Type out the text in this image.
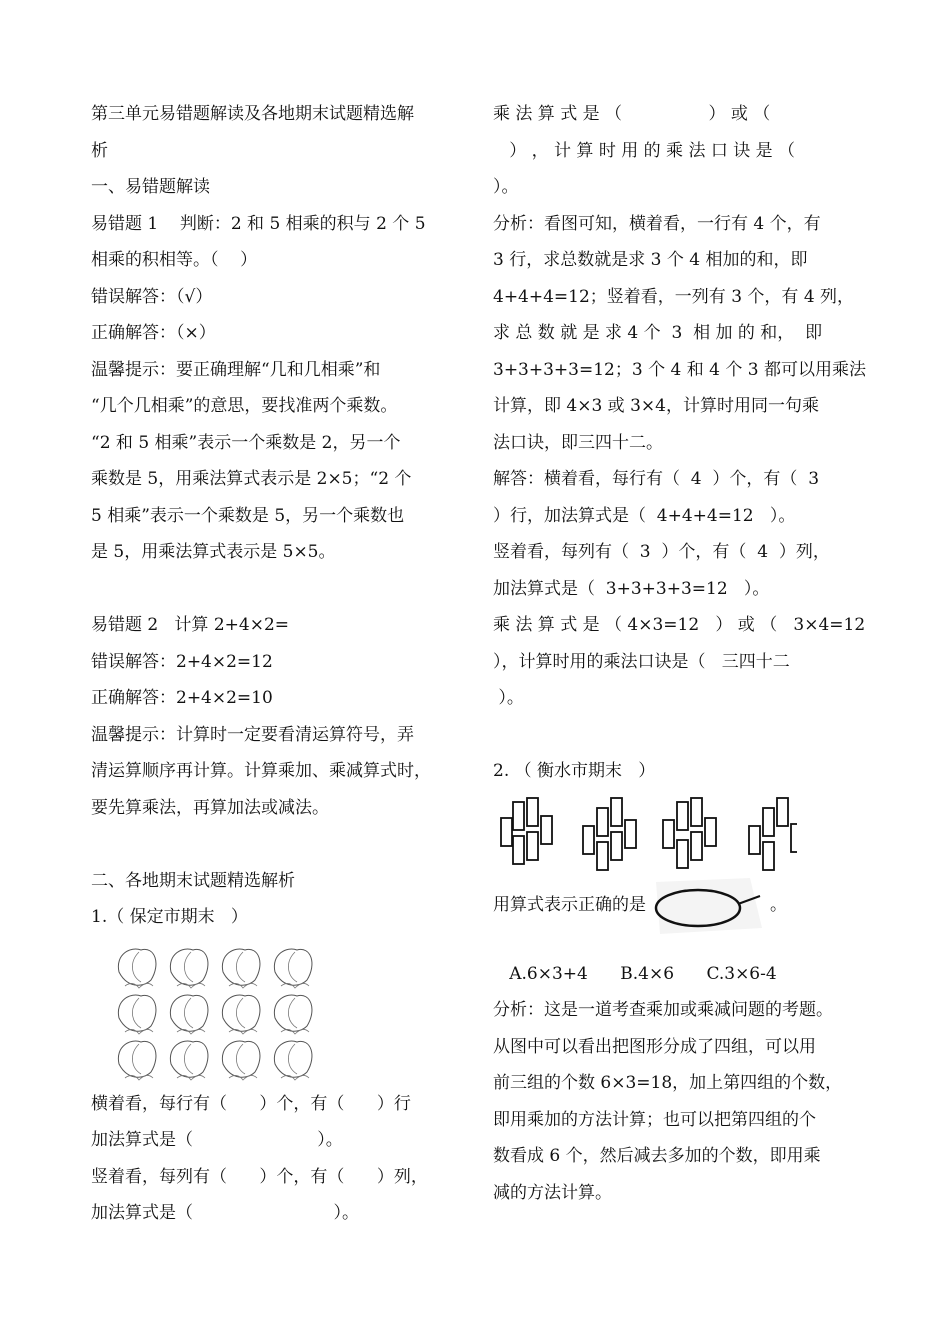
第三单元易错题解读及各地期末试题精选解
析
一、易错题解读
易错题 1    判断：2 和 5 相乘的积与 2 个 5
相乘的积相等。（    ）
错误解答：（√）
正确解答：（×）
温馨提示：要正确理解“几和几相乘”和
“几个几相乘”的意思，要找准两个乘数。
“2 和 5 相乘”表示一个乘数是 2，另一个
乘数是 5，用乘法算式表示是 2×5；“2 个
5 相乘”表示一个乘数是 5，另一个乘数也
是 5，用乘法算式表示是 5×5。
易错题 2   计算 2+4×2=
错误解答：2+4×2=12
正确解答：2+4×2=10
温馨提示：计算时一定要看清运算符号，弄
清运算顺序再计算。计算乘加、乘减算式时，
要先算乘法，再算加法或减法。
二、各地期末试题精选解析
1.（ 保定市期末   ）
横着看，每行有（      ）个，有（      ）行
加法算式是（                       ）。
竖着看，每列有（      ）个，有（      ）列，
加法算式是（                          ）。
乘 法 算 式 是 （                ） 或 （
） ， 计 算 时 用 的 乘 法 口 诀 是 （
）。
分析：看图可知，横着看，一行有 4 个，有
3 行，求总数就是求 3 个 4 相加的和，即
4+4+4=12；竖着看，一列有 3 个，有 4 列，
求 总 数 就 是 求 4 个  3  相 加 的 和，  即
3+3+3+3=12；3 个 4 和 4 个 3 都可以用乘法
计算，即 4×3 或 3×4，计算时用同一句乘
法口诀，即三四十二。
解答：横着看，每行有（  4  ）个，有（  3
）行，加法算式是（  4+4+4=12   ）。
竖着看，每列有（  3  ）个，有（  4  ）列，
加法算式是（  3+3+3+3=12   ）。
乘 法 算 式 是 （ 4×3=12   ） 或 （   3×4=12
），计算时用的乘法口诀是（   三四十二
）。
2. （ 衡水市期末   ）
用算式表示正确的是	。
A.6×3+4      B.4×6      C.3×6-4
分析：这是一道考查乘加或乘减问题的考题。
从图中可以看出把图形分成了四组，可以用
前三组的个数 6×3=18，加上第四组的个数，
即用乘加的方法计算；也可以把第四组的个
数看成 6 个，然后减去多加的个数，即用乘
减的方法计算。
